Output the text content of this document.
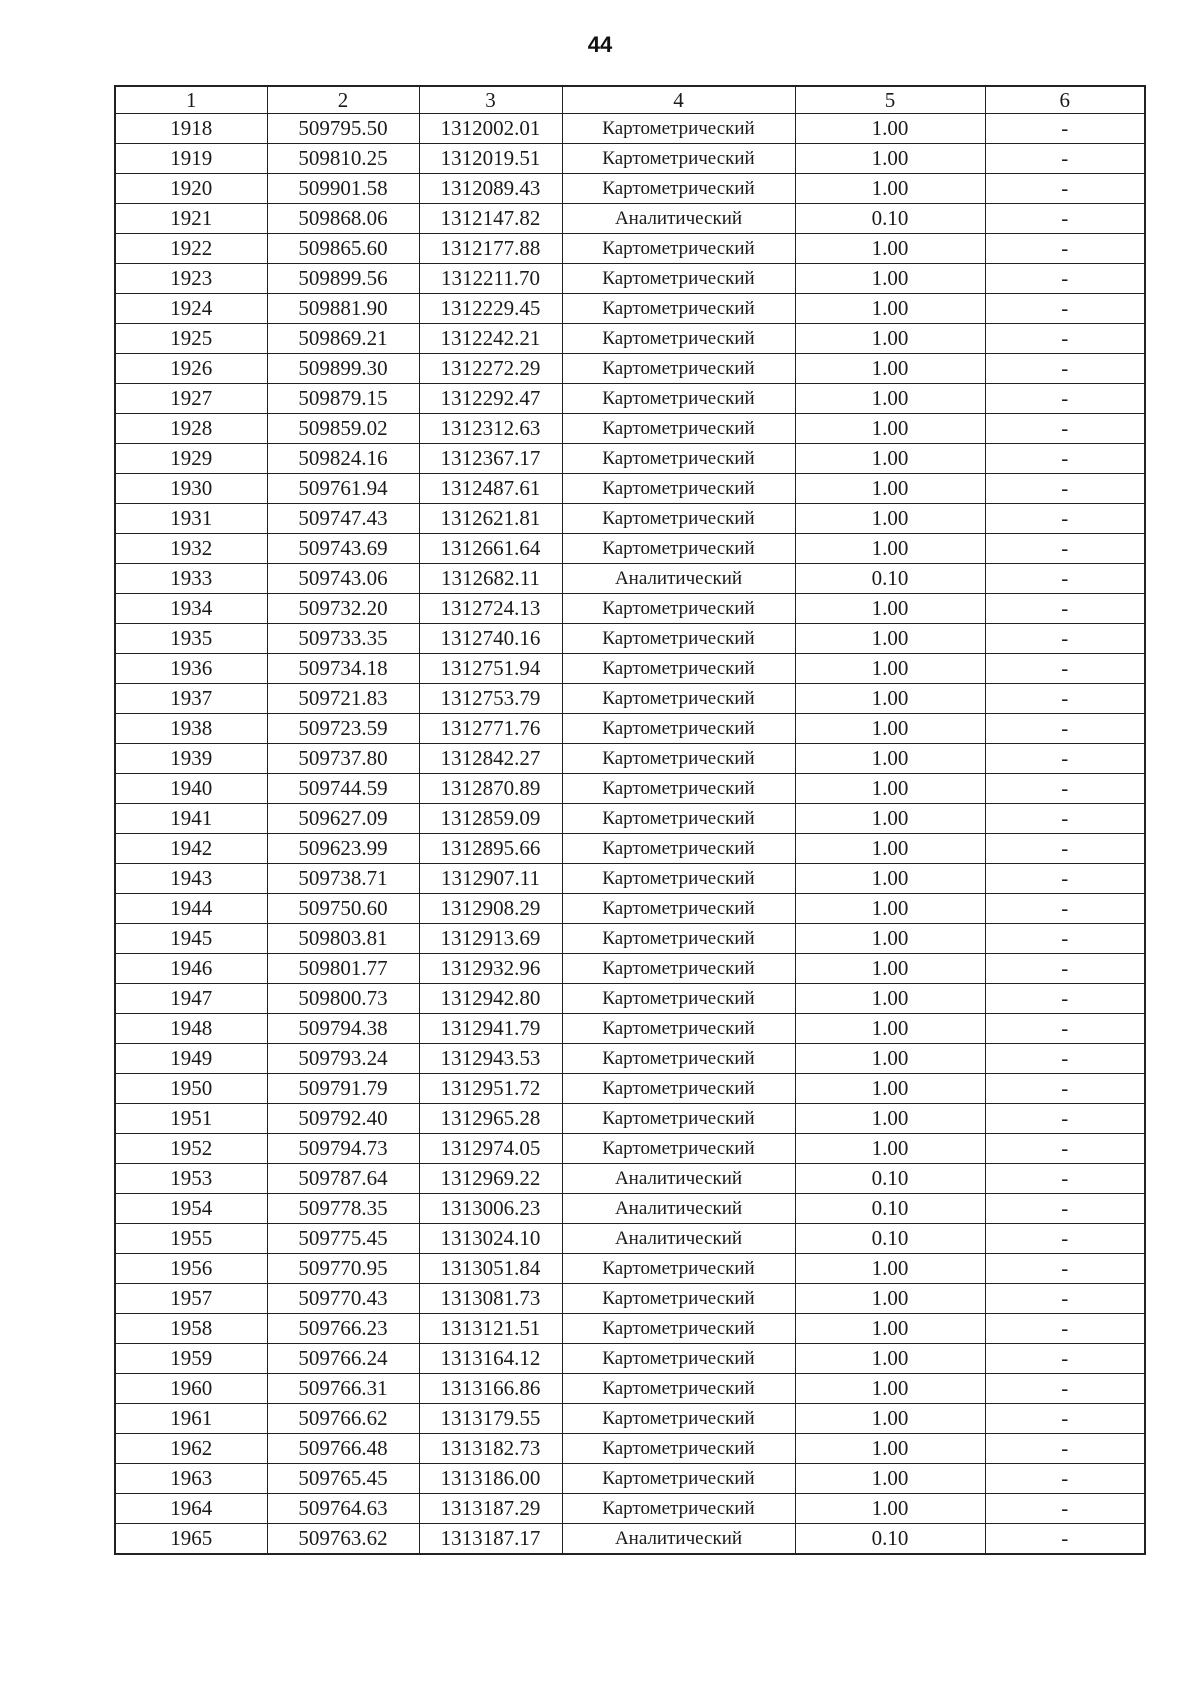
44
1	2	3	4	5	6
1918	509795.50	1312002.01	Картометрический	1.00	-
1919	509810.25	1312019.51	Картометрический	1.00	-
1920	509901.58	1312089.43	Картометрический	1.00	-
1921	509868.06	1312147.82	Аналитический	0.10	-
1922	509865.60	1312177.88	Картометрический	1.00	-
1923	509899.56	1312211.70	Картометрический	1.00	-
1924	509881.90	1312229.45	Картометрический	1.00	-
1925	509869.21	1312242.21	Картометрический	1.00	-
1926	509899.30	1312272.29	Картометрический	1.00	-
1927	509879.15	1312292.47	Картометрический	1.00	-
1928	509859.02	1312312.63	Картометрический	1.00	-
1929	509824.16	1312367.17	Картометрический	1.00	-
1930	509761.94	1312487.61	Картометрический	1.00	-
1931	509747.43	1312621.81	Картометрический	1.00	-
1932	509743.69	1312661.64	Картометрический	1.00	-
1933	509743.06	1312682.11	Аналитический	0.10	-
1934	509732.20	1312724.13	Картометрический	1.00	-
1935	509733.35	1312740.16	Картометрический	1.00	-
1936	509734.18	1312751.94	Картометрический	1.00	-
1937	509721.83	1312753.79	Картометрический	1.00	-
1938	509723.59	1312771.76	Картометрический	1.00	-
1939	509737.80	1312842.27	Картометрический	1.00	-
1940	509744.59	1312870.89	Картометрический	1.00	-
1941	509627.09	1312859.09	Картометрический	1.00	-
1942	509623.99	1312895.66	Картометрический	1.00	-
1943	509738.71	1312907.11	Картометрический	1.00	-
1944	509750.60	1312908.29	Картометрический	1.00	-
1945	509803.81	1312913.69	Картометрический	1.00	-
1946	509801.77	1312932.96	Картометрический	1.00	-
1947	509800.73	1312942.80	Картометрический	1.00	-
1948	509794.38	1312941.79	Картометрический	1.00	-
1949	509793.24	1312943.53	Картометрический	1.00	-
1950	509791.79	1312951.72	Картометрический	1.00	-
1951	509792.40	1312965.28	Картометрический	1.00	-
1952	509794.73	1312974.05	Картометрический	1.00	-
1953	509787.64	1312969.22	Аналитический	0.10	-
1954	509778.35	1313006.23	Аналитический	0.10	-
1955	509775.45	1313024.10	Аналитический	0.10	-
1956	509770.95	1313051.84	Картометрический	1.00	-
1957	509770.43	1313081.73	Картометрический	1.00	-
1958	509766.23	1313121.51	Картометрический	1.00	-
1959	509766.24	1313164.12	Картометрический	1.00	-
1960	509766.31	1313166.86	Картометрический	1.00	-
1961	509766.62	1313179.55	Картометрический	1.00	-
1962	509766.48	1313182.73	Картометрический	1.00	-
1963	509765.45	1313186.00	Картометрический	1.00	-
1964	509764.63	1313187.29	Картометрический	1.00	-
1965	509763.62	1313187.17	Аналитический	0.10	-
